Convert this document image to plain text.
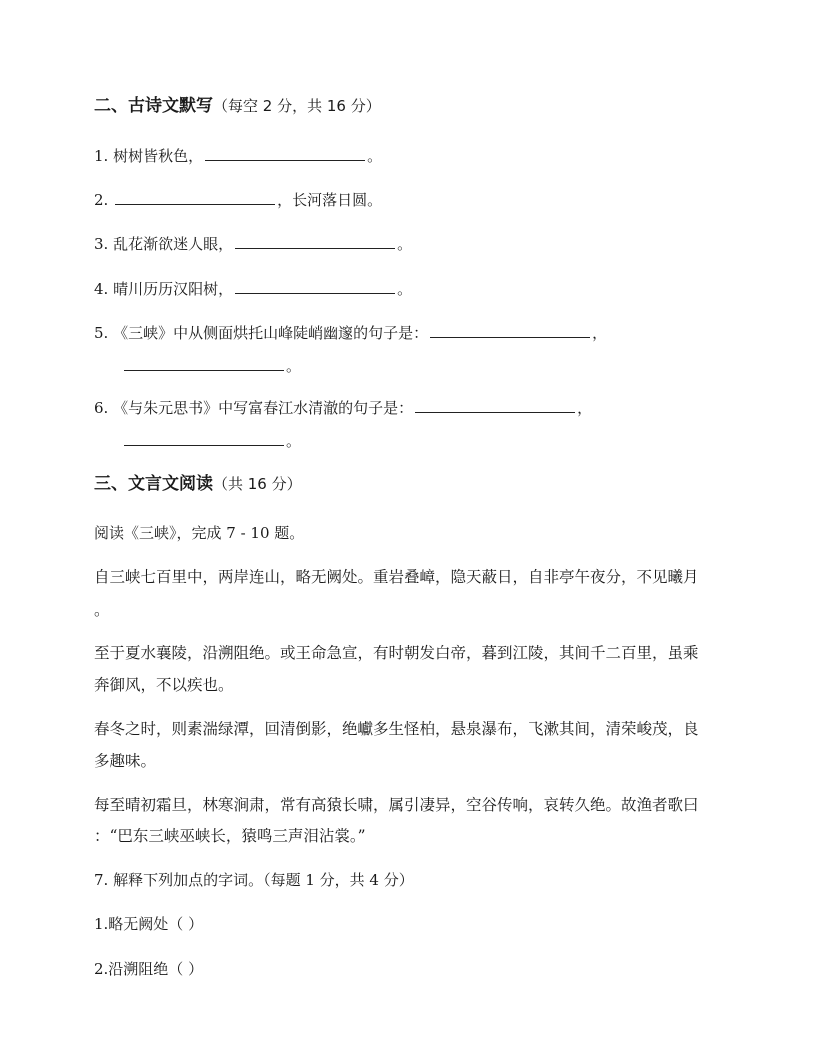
二、古诗文默写（每空 2 分，共 16 分）
1. 树树皆秋色，	。
2.	，长河落日圆。
3. 乱花渐欲迷人眼，	。
4. 晴川历历汉阳树，	。
5. 《三峡》中从侧面烘托山峰陡峭幽邃的句子是：	，
。
6. 《与朱元思书》中写富春江水清澈的句子是：	，
。
三、文言文阅读（共 16 分）
阅读《三峡》，完成 7 - 10 题。
自三峡七百里中，两岸连山，略无阙处。重岩叠嶂，隐天蔽日，自非亭午夜分，不见曦月
。
至于夏水襄陵，沿溯阻绝。或王命急宣，有时朝发白帝，暮到江陵，其间千二百里，虽乘
奔御风，不以疾也。
春冬之时，则素湍绿潭，回清倒影，绝巘多生怪柏，悬泉瀑布，飞漱其间，清荣峻茂，良
多趣味。
每至晴初霜旦，林寒涧肃，常有高猿长啸，属引凄异，空谷传响，哀转久绝。故渔者歌曰
：“巴东三峡巫峡长，猿鸣三声泪沾裳。”
7. 解释下列加点的字词。（每题 1 分，共 4 分）
1.略无阙处（ ）
2.沿溯阻绝（ ）
